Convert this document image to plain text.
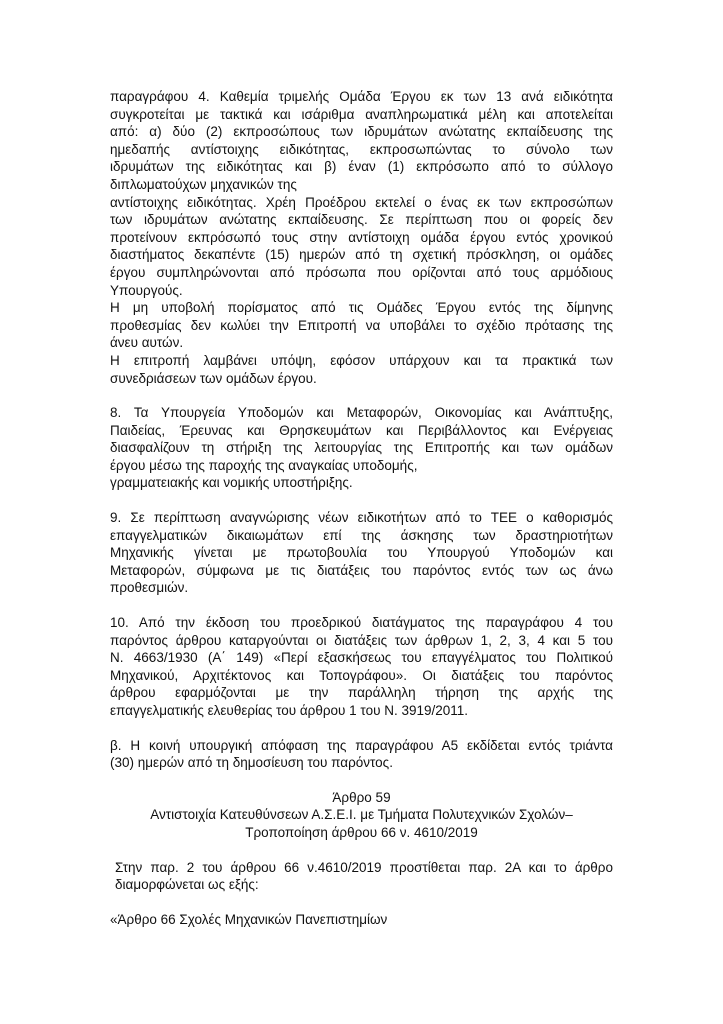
παραγράφου 4. Καθεμία τριμελής Ομάδα Έργου εκ των 13 ανά ειδικότητα
συγκροτείται με τακτικά και ισάριθμα αναπληρωματικά μέλη και αποτελείται
από: α) δύο (2) εκπροσώπους των ιδρυμάτων ανώτατης εκπαίδευσης της
ημεδαπής αντίστοιχης ειδικότητας, εκπροσωπώντας το σύνολο των
ιδρυμάτων της ειδικότητας και β) έναν (1) εκπρόσωπο από το σύλλογο
διπλωματούχων μηχανικών της
αντίστοιχης ειδικότητας. Χρέη Προέδρου εκτελεί ο ένας εκ των εκπροσώπων
των ιδρυμάτων ανώτατης εκπαίδευσης. Σε περίπτωση που οι φορείς δεν
προτείνουν εκπρόσωπό τους στην αντίστοιχη ομάδα έργου εντός χρονικού
διαστήματος δεκαπέντε (15) ημερών από τη σχετική πρόσκληση, οι ομάδες
έργου συμπληρώνονται από πρόσωπα που ορίζονται από τους αρμόδιους
Υπουργούς.
Η μη υποβολή πορίσματος από τις Ομάδες Έργου εντός της δίμηνης
προθεσμίας δεν κωλύει την Επιτροπή να υποβάλει το σχέδιο πρότασης της
άνευ αυτών.
Η επιτροπή λαμβάνει υπόψη, εφόσον υπάρχουν και τα πρακτικά των
συνεδριάσεων των ομάδων έργου.
8. Τα Υπουργεία Υποδομών και Μεταφορών, Οικονομίας και Ανάπτυξης,
Παιδείας, Έρευνας και Θρησκευμάτων και Περιβάλλοντος και Ενέργειας
διασφαλίζουν τη στήριξη της λειτουργίας της Επιτροπής και των ομάδων
έργου μέσω της παροχής της αναγκαίας υποδομής,
γραμματειακής και νομικής υποστήριξης.
9. Σε περίπτωση αναγνώρισης νέων ειδικοτήτων από το ΤΕΕ ο καθορισμός
επαγγελματικών δικαιωμάτων επί της άσκησης των δραστηριοτήτων
Μηχανικής γίνεται με πρωτοβουλία του Υπουργού Υποδομών και
Μεταφορών, σύμφωνα με τις διατάξεις του παρόντος εντός των ως άνω
προθεσμιών.
10. Από την έκδοση του προεδρικού διατάγματος της παραγράφου 4 του
παρόντος άρθρου καταργούνται οι διατάξεις των άρθρων 1, 2, 3, 4 και 5 του
Ν. 4663/1930 (Α΄ 149) «Περί εξασκήσεως του επαγγέλματος του Πολιτικού
Μηχανικού, Αρχιτέκτονος και Τοπογράφου». Οι διατάξεις του παρόντος
άρθρου εφαρμόζονται με την παράλληλη τήρηση της αρχής της
επαγγελματικής ελευθερίας του άρθρου 1 του Ν. 3919/2011.
β. Η κοινή υπουργική απόφαση της παραγράφου Α5 εκδίδεται εντός τριάντα
(30) ημερών από τη δημοσίευση του παρόντος.
Άρθρο 59
Αντιστοιχία Κατευθύνσεων Α.Σ.Ε.Ι. με Τμήματα Πολυτεχνικών Σχολών–
Τροποποίηση άρθρου 66 ν. 4610/2019
Στην παρ. 2 του άρθρου 66 ν.4610/2019 προστίθεται παρ. 2Α και το άρθρο
διαμορφώνεται ως εξής:
«Άρθρο 66 Σχολές Μηχανικών Πανεπιστημίων
